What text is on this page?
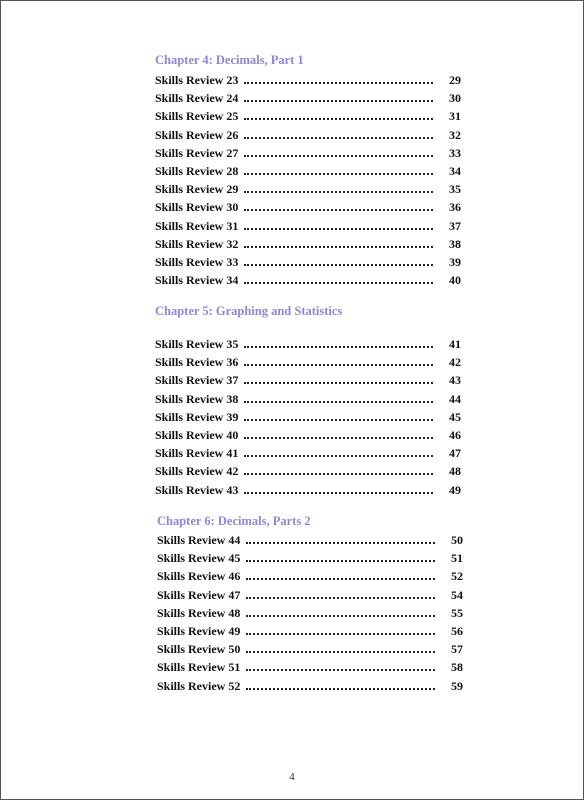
Chapter 4: Decimals, Part 1
Skills Review 23	29
Skills Review 24	30
Skills Review 25	31
Skills Review 26	32
Skills Review 27	33
Skills Review 28	34
Skills Review 29	35
Skills Review 30	36
Skills Review 31	37
Skills Review 32	38
Skills Review 33	39
Skills Review 34	40
Chapter 5: Graphing and Statistics
Skills Review 35	41
Skills Review 36	42
Skills Review 37	43
Skills Review 38	44
Skills Review 39	45
Skills Review 40	46
Skills Review 41	47
Skills Review 42	48
Skills Review 43	49
Chapter 6: Decimals, Parts 2
Skills Review 44	50
Skills Review 45	51
Skills Review 46	52
Skills Review 47	54
Skills Review 48	55
Skills Review 49	56
Skills Review 50	57
Skills Review 51	58
Skills Review 52	59
4
